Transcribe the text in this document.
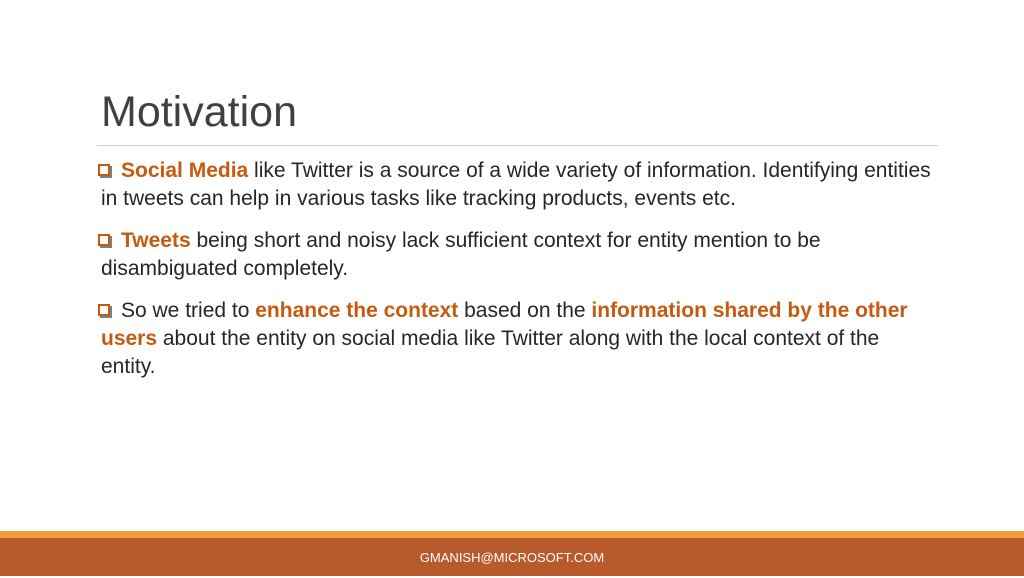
Motivation

Social Media like Twitter is a source of a wide variety of information. Identifying entities in tweets can help in various tasks like tracking products, events etc.

Tweets being short and noisy lack sufficient context for entity mention to be disambiguated completely.

So we tried to enhance the context based on the information shared by the other users about the entity on social media like Twitter along with the local context of the entity.

GMANISH@MICROSOFT.COM
